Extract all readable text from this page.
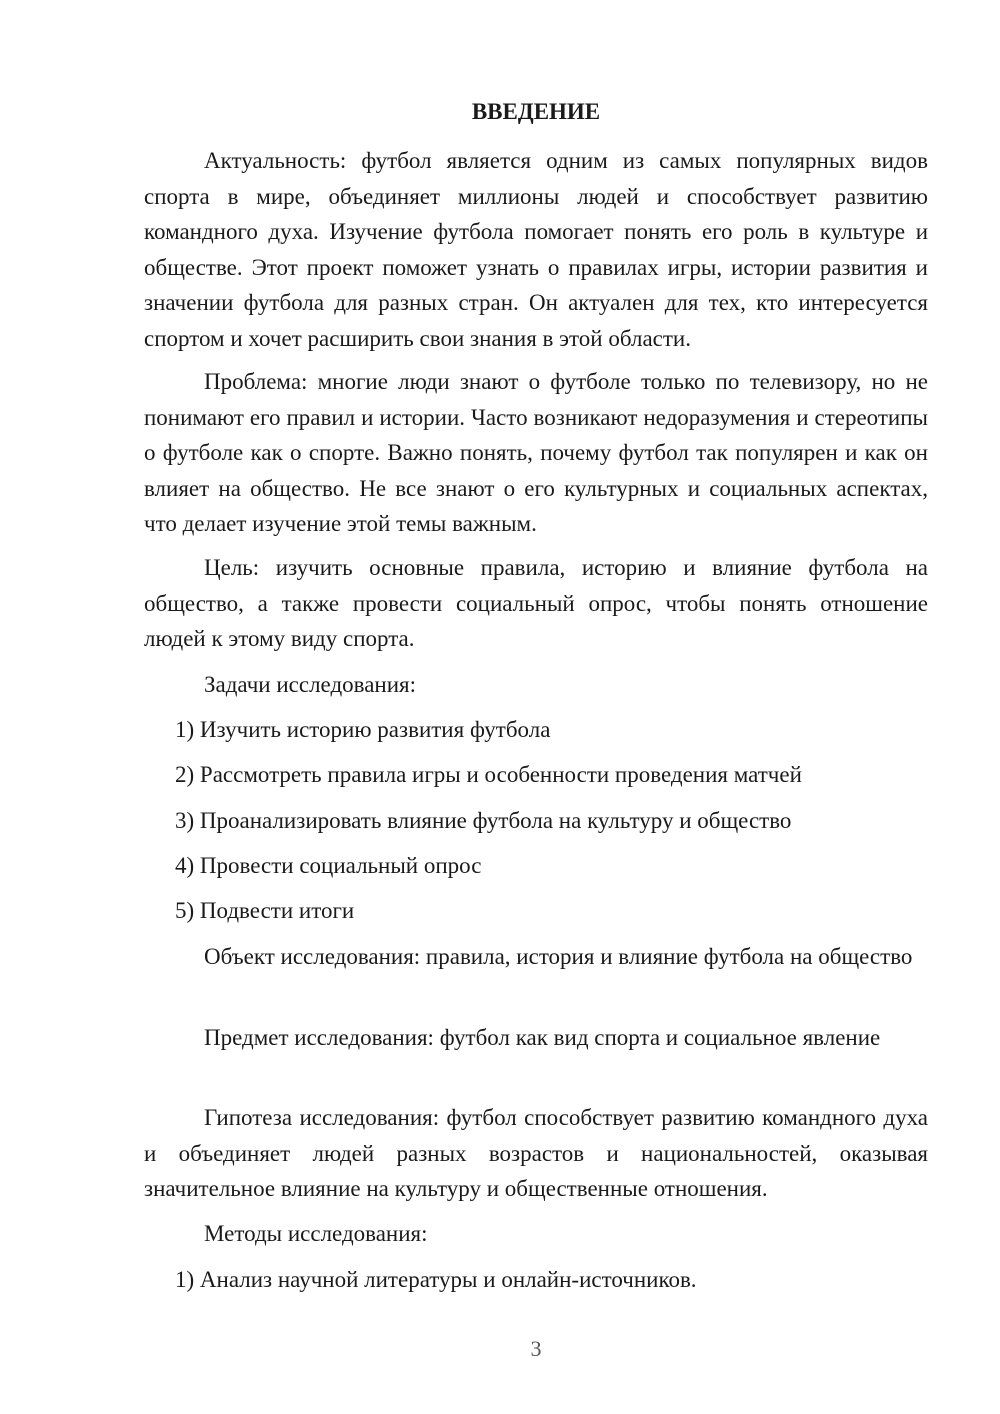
ВВЕДЕНИЕ

Актуальность: футбол является одним из самых популярных видов спорта в мире, объединяет миллионы людей и способствует развитию командного духа. Изучение футбола помогает понять его роль в культуре и обществе. Этот проект поможет узнать о правилах игры, истории развития и значении футбола для разных стран. Он актуален для тех, кто интересуется спортом и хочет расширить свои знания в этой области.

Проблема: многие люди знают о футболе только по телевизору, но не понимают его правил и истории. Часто возникают недоразумения и стереотипы о футболе как о спорте. Важно понять, почему футбол так популярен и как он влияет на общество. Не все знают о его культурных и социальных аспектах, что делает изучение этой темы важным.

Цель: изучить основные правила, историю и влияние футбола на общество, а также провести социальный опрос, чтобы понять отношение людей к этому виду спорта.

Задачи исследования:

1) Изучить историю развития футбола

2) Рассмотреть правила игры и особенности проведения матчей

3) Проанализировать влияние футбола на культуру и общество

4) Провести социальный опрос

5) Подвести итоги

Объект исследования: правила, история и влияние футбола на общество

Предмет исследования: футбол как вид спорта и социальное явление

Гипотеза исследования: футбол способствует развитию командного духа и объединяет людей разных возрастов и национальностей, оказывая значительное влияние на культуру и общественные отношения.

Методы исследования:

1) Анализ научной литературы и онлайн-источников.

3
